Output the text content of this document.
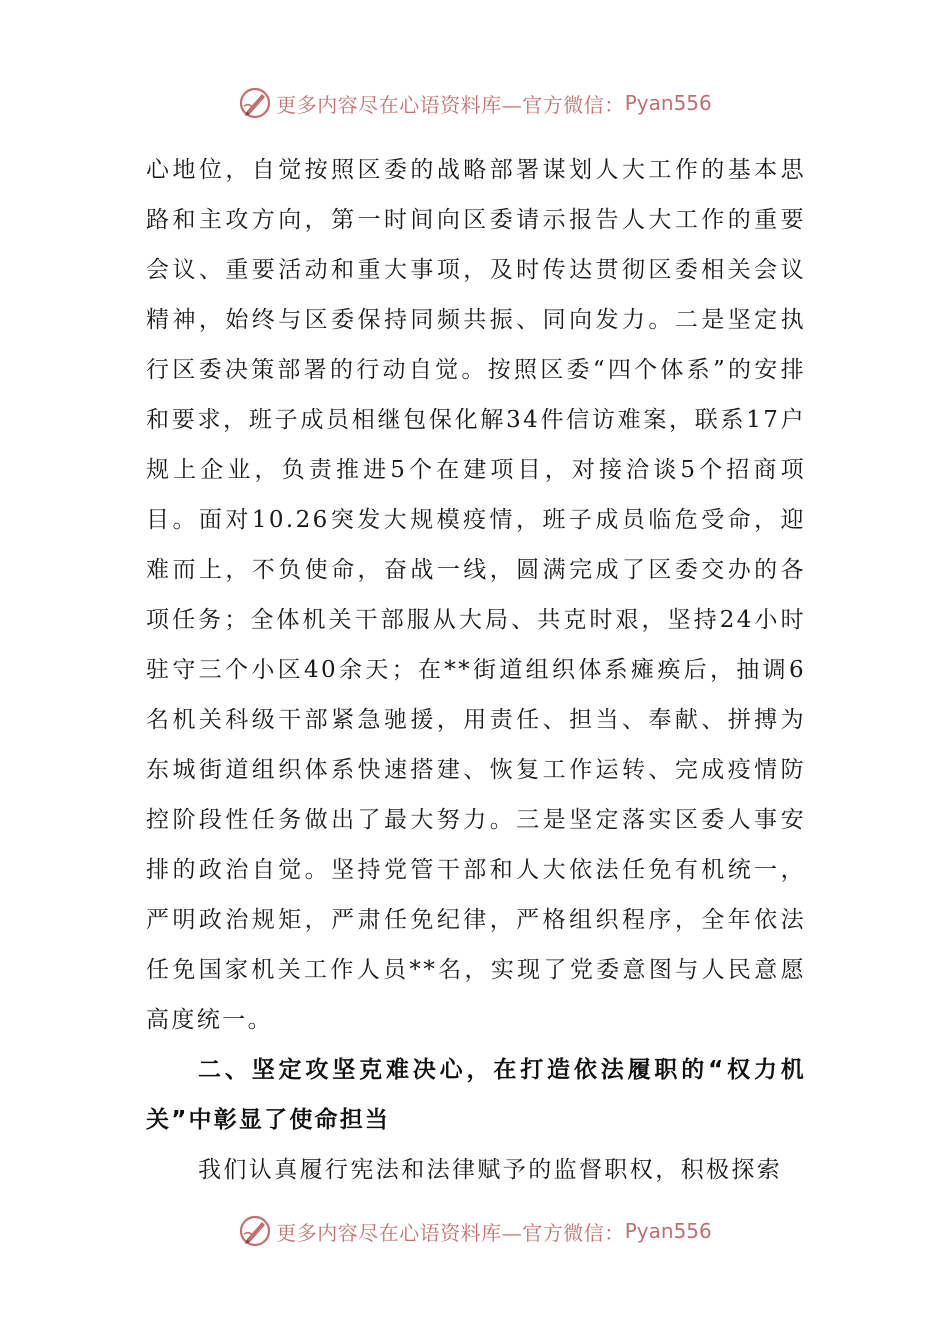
更多内容尽在心语资料库—官方微信： Pyan556

心地位，自觉按照区委的战略部署谋划人大工作的基本思路和主攻方向，第一时间向区委请示报告人大工作的重要会议、重要活动和重大事项，及时传达贯彻区委相关会议精神，始终与区委保持同频共振、同向发力。二是坚定执行区委决策部署的行动自觉。按照区委“四个体系”的安排和要求，班子成员相继包保化解34件信访难案，联系17户规上企业，负责推进5个在建项目，对接洽谈5个招商项目。面对10.26突发大规模疫情，班子成员临危受命，迎难而上，不负使命，奋战一线，圆满完成了区委交办的各项任务；全体机关干部服从大局、共克时艰，坚持24小时驻守三个小区40余天；在**街道组织体系瘫痪后，抽调6名机关科级干部紧急驰援，用责任、担当、奉献、拼搏为东城街道组织体系快速搭建、恢复工作运转、完成疫情防控阶段性任务做出了最大努力。三是坚定落实区委人事安排的政治自觉。坚持党管干部和人大依法任免有机统一，严明政治规矩，严肃任免纪律，严格组织程序，全年依法任免国家机关工作人员**名，实现了党委意图与人民意愿高度统一。

二、坚定攻坚克难决心，在打造依法履职的“权力机关”中彰显了使命担当

我们认真履行宪法和法律赋予的监督职权，积极探索

更多内容尽在心语资料库—官方微信： Pyan556
